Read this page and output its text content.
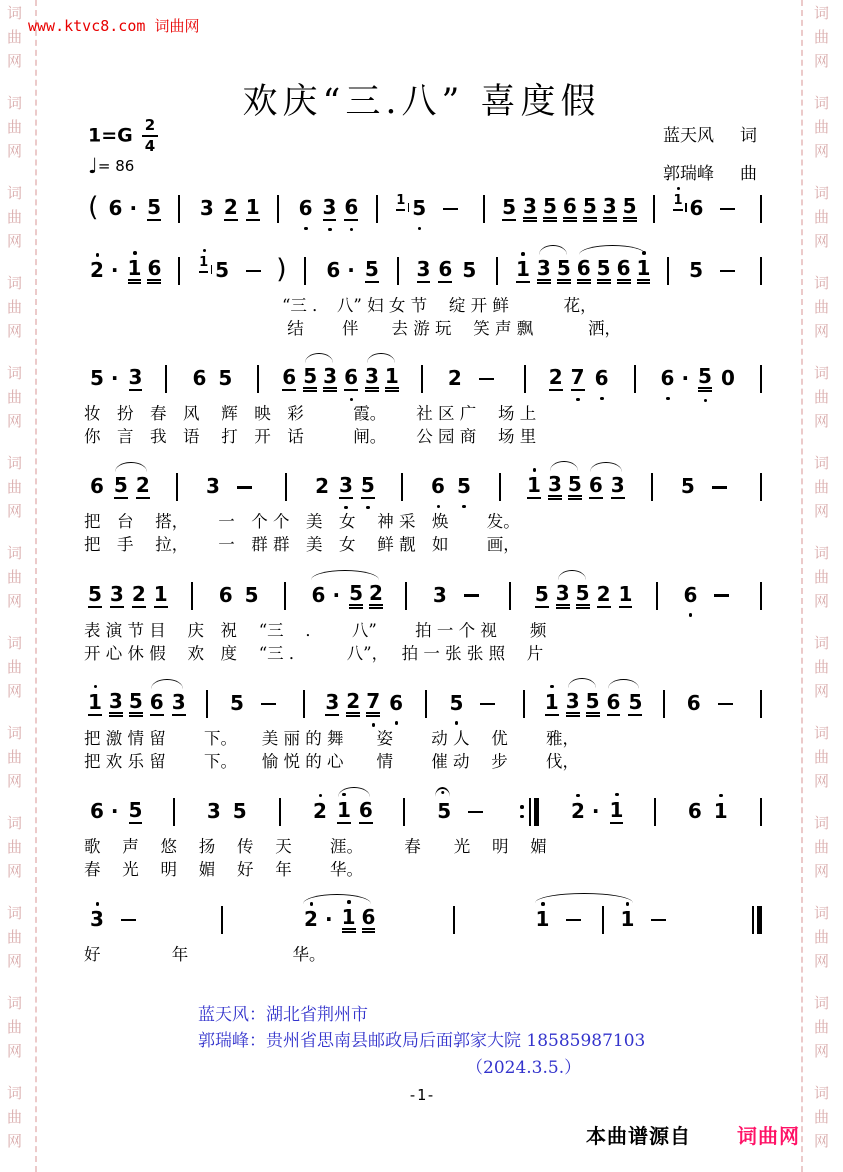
词
曲
网
词
曲
网
词
曲
网
词
曲
网
词
曲
网
词
曲
网
词
曲
网
词
曲
网
词
曲
网
词
曲
网
词
曲
网
词
曲
网
词
曲
网
词
曲
网
词
曲
网
词
曲
网
词
曲
网
词
曲
网
词
曲
网
词
曲
网
词
曲
网
词
曲
网
词
曲
网
词
曲
网
词
曲
网
词
曲
网
www.ktvc8.com 词曲网
欢庆“三.八” 喜度假
$1=G \frac{2}{4}$
♩= 86
蓝天风 词
郭瑞峰 曲
( 6 · 5 3 2 1 6 3 6	1 5	5 3 5 6 5 3 5	1 6
2 · 1 6	1 5 ) 6 · 5 3 6 5 1 3 5 6 5 6 1 5
　　　　　　　　　　　　“三 ．　八” 妇 女 节　 绽 开 鲜　　　 花，
　　　　　　　　　　　　 结　　 伴　　去 游 玩　 笑 声 飘　　　 洒，
5 · 3	6 5	6 5 3 6 3 1 2	2 7 6	6 · 5 0
妆　扮　春　风　 辉　映　彩　　　霞。　　 社 区 广　 场 上
你　言　我　语　 打　开　话　　　闸。　　 公 园 商　 场 里
6 5 2	3	2 3 5	6 5	1 3 5 6 3	5
把　台　 搭，　　 一　个 个　美　女　 神 采　焕　　 发。
把　手　 拉，　　 一　群 群　美　女　 鲜 靓　如　　 画，
5 3 2 1	6 5	6 · 5 2	3	5 3 5 2 1	6
表 演 节 目　 庆　祝　 “三　 ．　　 八”　　 拍 一 个 视　　频
开 心 休 假　 欢　度　 “三 ．　　　八”，　 拍 一 张 张 照　 片
1 3 5 6 3 5	3 2 7 6 5	1 3 5 6 5 6
把 激 情 留　　 下。　　美 丽 的 舞　　姿　　 动 人　 优　　 雅，
把 欢 乐 留　　 下。　　愉 悦 的 心　　情　　 催 动　 步　　 伐，
6 · 5	3 5	2 1 6	5	2 · 1	6 1
歌　 声　 悠　 扬　 传　 天　　 涯。　　　春　　光　 明　 媚
春　 光　 明　 媚　 好　 年　　 华。
3	2 · 1 6	1	1
好　　　　 年　　　　　　 华。
蓝天风：湖北省荆州市
郭瑞峰：贵州省思南县邮政局后面郭家大院 18585987103
（2024.3.5.）
-1-
本曲谱源自 词曲网
